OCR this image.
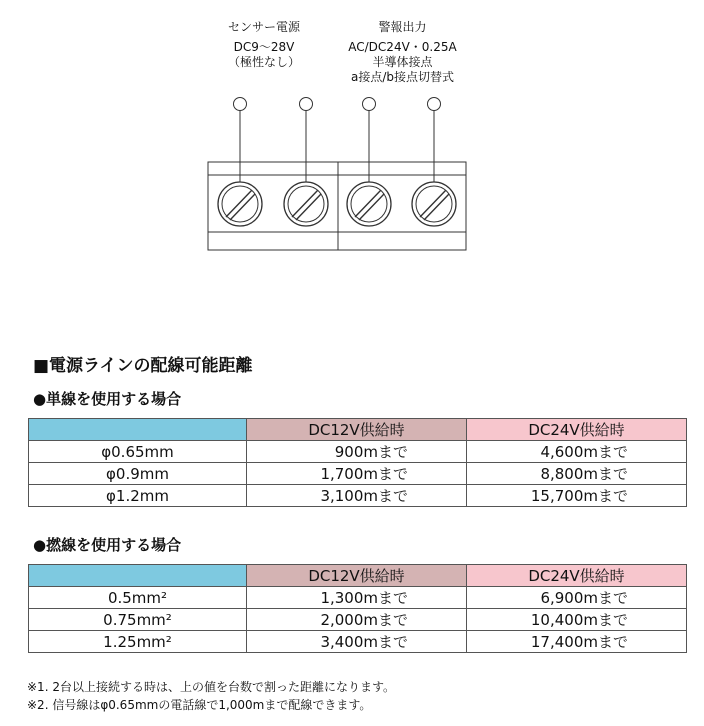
センサー電源
DC9～28V
（極性なし）
警報出力
AC/DC24V・0.25A
半導体接点
a接点/b接点切替式
■電源ラインの配線可能距離
●単線を使用する場合
	DC12V供給時	DC24V供給時
φ0.65mm	900mまで	4,600mまで
φ0.9mm	1,700mまで	8,800mまで
φ1.2mm	3,100mまで	15,700mまで
●撚線を使用する場合
	DC12V供給時	DC24V供給時
0.5mm²	1,300mまで	6,900mまで
0.75mm²	2,000mまで	10,400mまで
1.25mm²	3,400mまで	17,400mまで
※1. 2台以上接続する時は、上の値を台数で割った距離になります。
※2. 信号線はφ0.65mmの電話線で1,000mまで配線できます。
